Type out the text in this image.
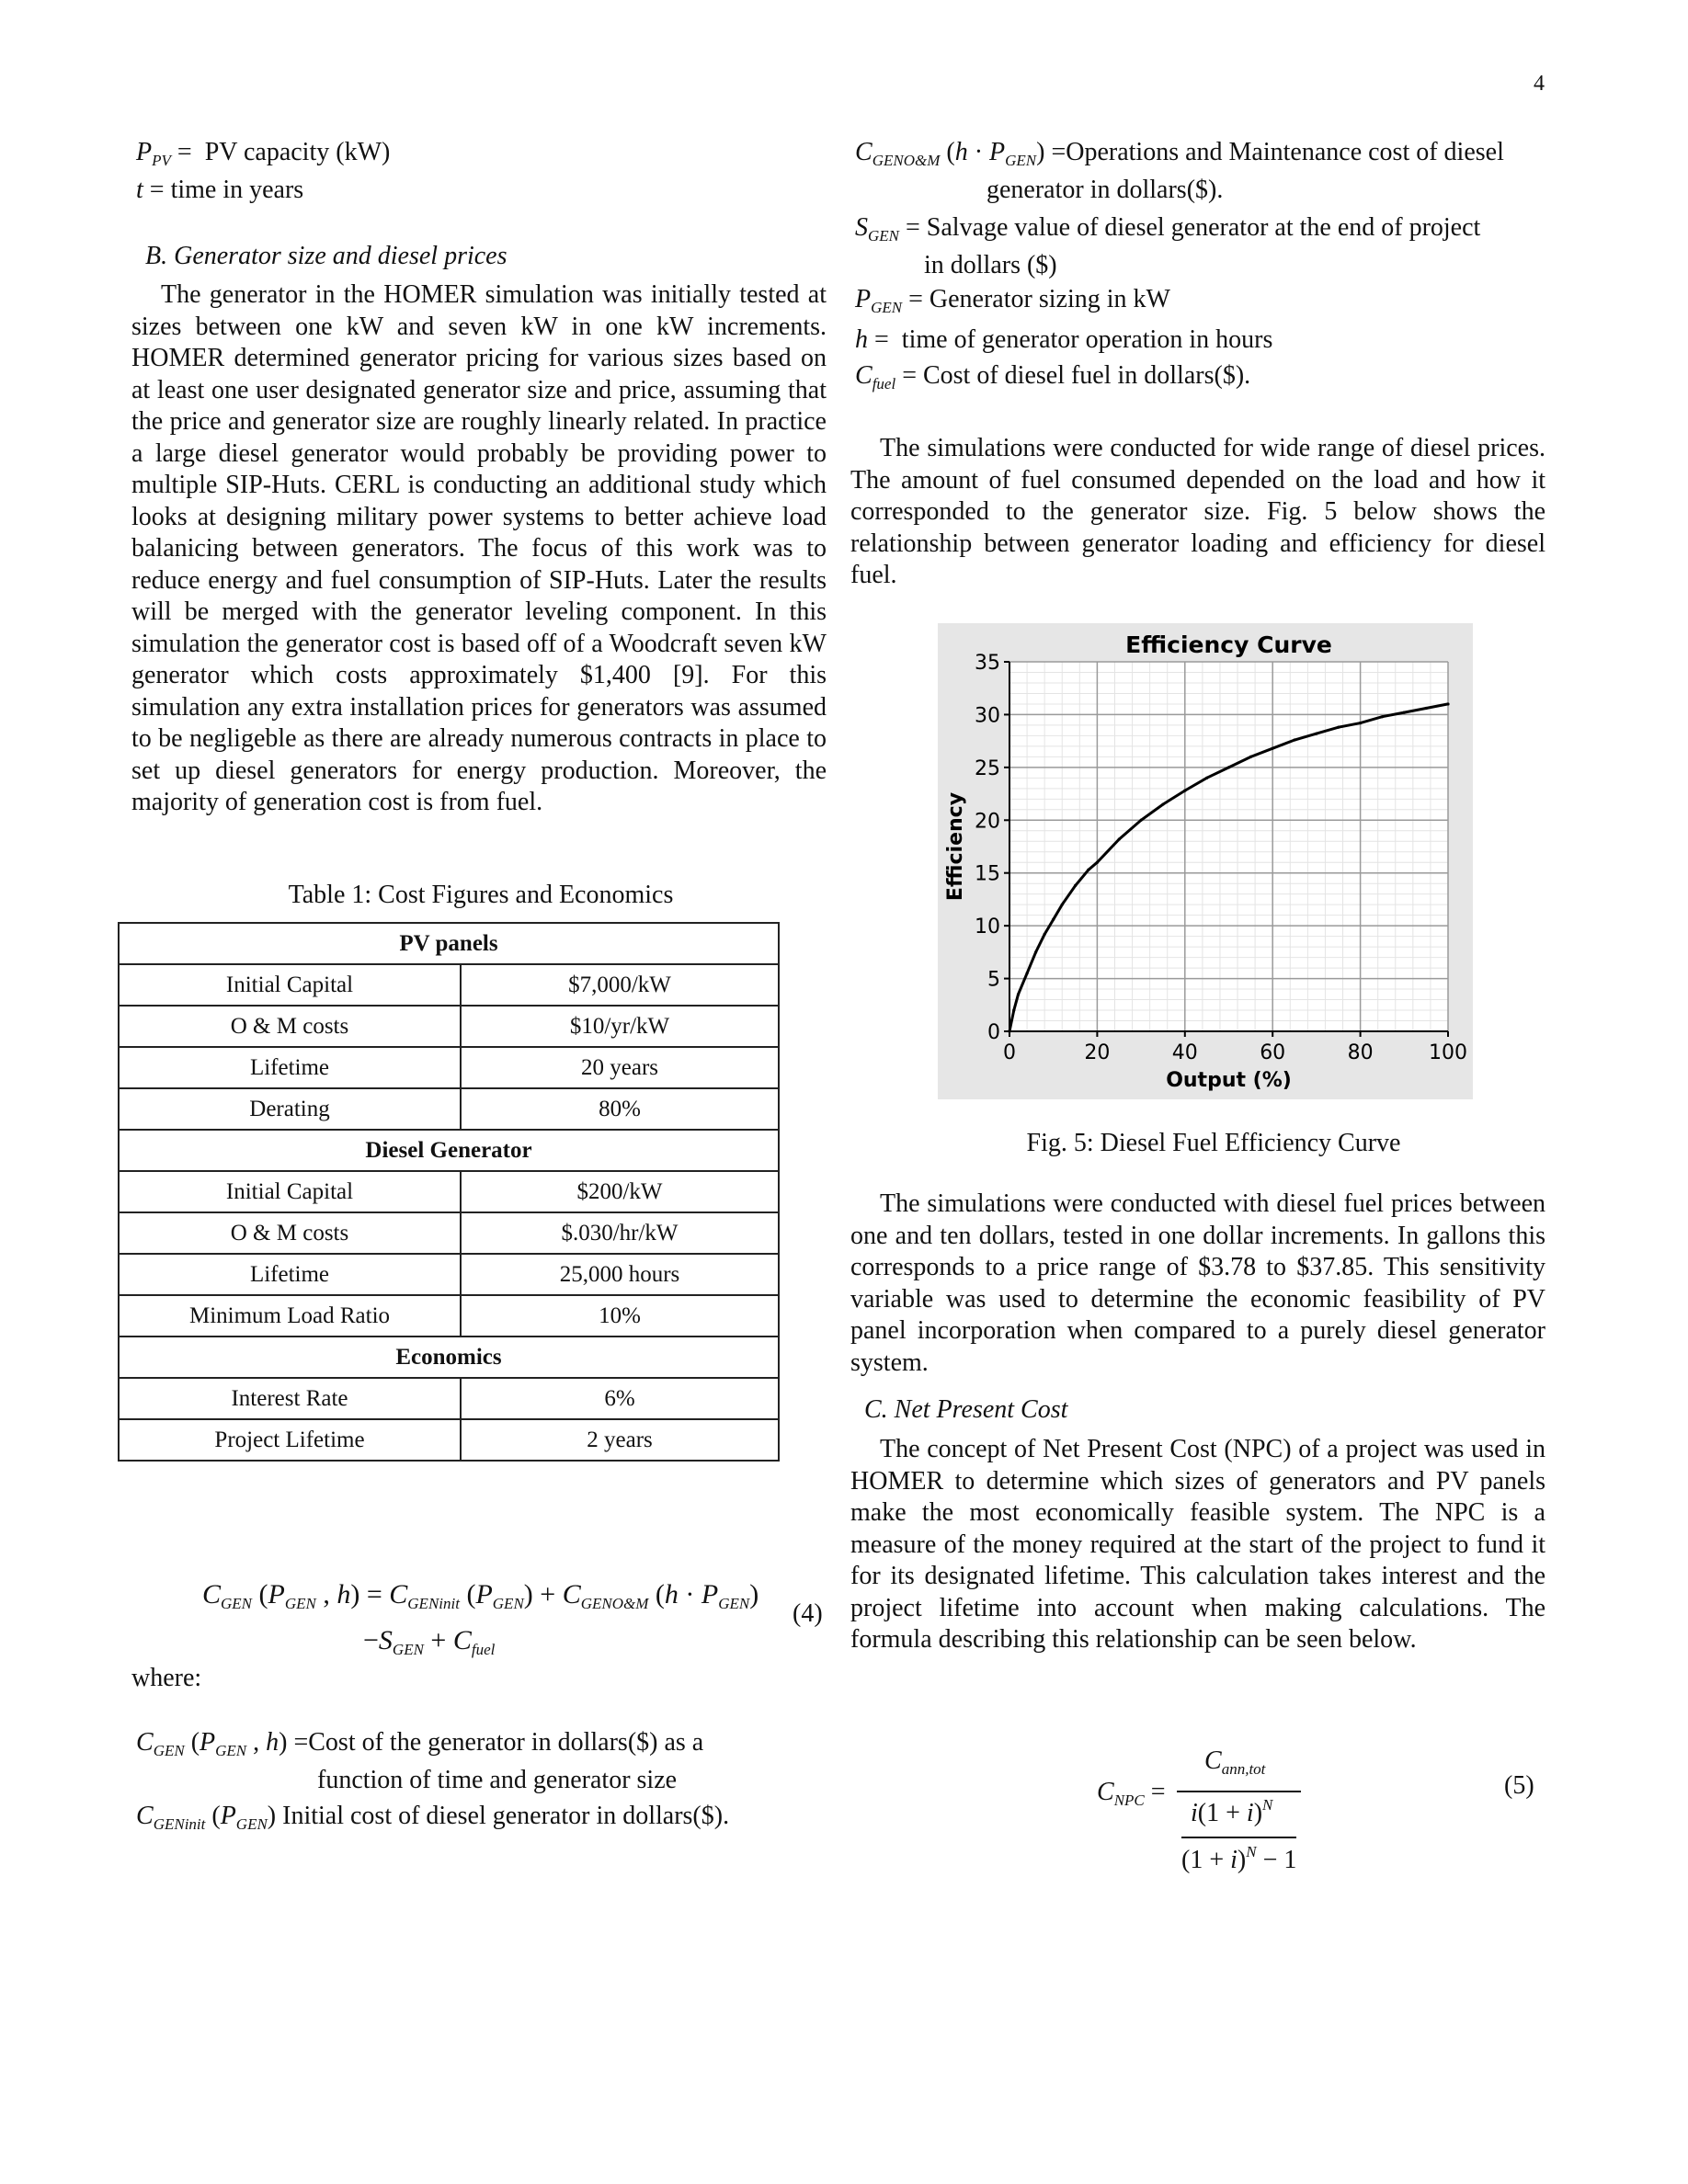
4
$P_{PV}$ =  PV capacity (kW)
t = time in years
B. Generator size and diesel prices

The generator in the HOMER simulation was initially tested at sizes between one kW and seven kW in one kW increments. HOMER determined generator pricing for various sizes based on at least one user designated generator size and price, assuming that the price and generator size are roughly linearly related. In practice a large diesel generator would probably be providing power to multiple SIP-Huts. CERL is conducting an additional study which looks at designing military power systems to better achieve load balanicing between generators. The focus of this work was to reduce energy and fuel consumption of SIP-Huts. Later the results will be merged with the generator leveling component. In this simulation the generator cost is based off of a Woodcraft seven kW generator which costs approximately $1,400 [9]. For this simulation any extra installation prices for generators was assumed to be negligeble as there are already numerous contracts in place to set up diesel generators for energy production. Moreover, the majority of generation cost is from fuel.

Table 1: Cost Figures and Economics
PV panels	
Initial Capital	$7,000/kW
O & M costs	$10/yr/kW
Lifetime	20 years
Derating	80%
Diesel Generator	
Initial Capital	$200/kW
O & M costs	$.030/hr/kW
Lifetime	25,000 hours
Minimum Load Ratio	10%
Economics	
Interest Rate	6%
Project Lifetime	2 years
$C_{GEN}$ ($P_{GEN}$ , $h) = C_{GENinit}$ $(P_{GEN}) + C_{GENO\&M}$ $(h \cdot P_{GEN})$
$-S_{GEN} + C_{fuel}$
(4)
where:
$C_{GEN}$ ($P_{GEN}$ , h) =Cost of the generator in dollars($) as a
function of time and generator size
$C_{GENinit}$ $(P_{GEN})$ Initial cost of diesel generator in dollars($).
$C_{GENO\&M}$ $(h \cdot P_{GEN})$ =Operations and Maintenance cost of diesel
generator in dollars($).
$S_{GEN}$ = Salvage value of diesel generator at the end of project
in dollars ($)
$P_{GEN}$ = Generator sizing in kW
h =  time of generator operation in hours
$C_{fuel}$ = Cost of diesel fuel in dollars($).

The simulations were conducted for wide range of diesel prices. The amount of fuel consumed depended on the load and how it corresponded to the generator size. Fig. 5 below shows the relationship between generator loading and efficiency for diesel fuel.

0	20	40	60	80	100
0
5
10
15
20
25
30
35
Efficiency Curve
Output (%)
Efficiency
Fig. 5: Diesel Fuel Efficiency Curve

The simulations were conducted with diesel fuel prices between one and ten dollars, tested in one dollar increments. In gallons this corresponds to a price range of $3.78 to $37.85. This sensitivity variable was used to determine the economic feasibility of PV panel incorporation when compared to a purely diesel generator system.

C. Net Present Cost

The concept of Net Present Cost (NPC) of a project was used in HOMER to determine which sizes of generators and PV panels make the most economically feasible system. The NPC is a measure of the money required at the start of the project to fund it for its designated lifetime. This calculation takes interest and the project lifetime into account when making calculations. The formula describing this relationship can be seen below.

$C_{NPC}$ =
$C_{ann,tot}$
$i(1 + i)^N$
$(1 + i)^N - 1$
(5)
